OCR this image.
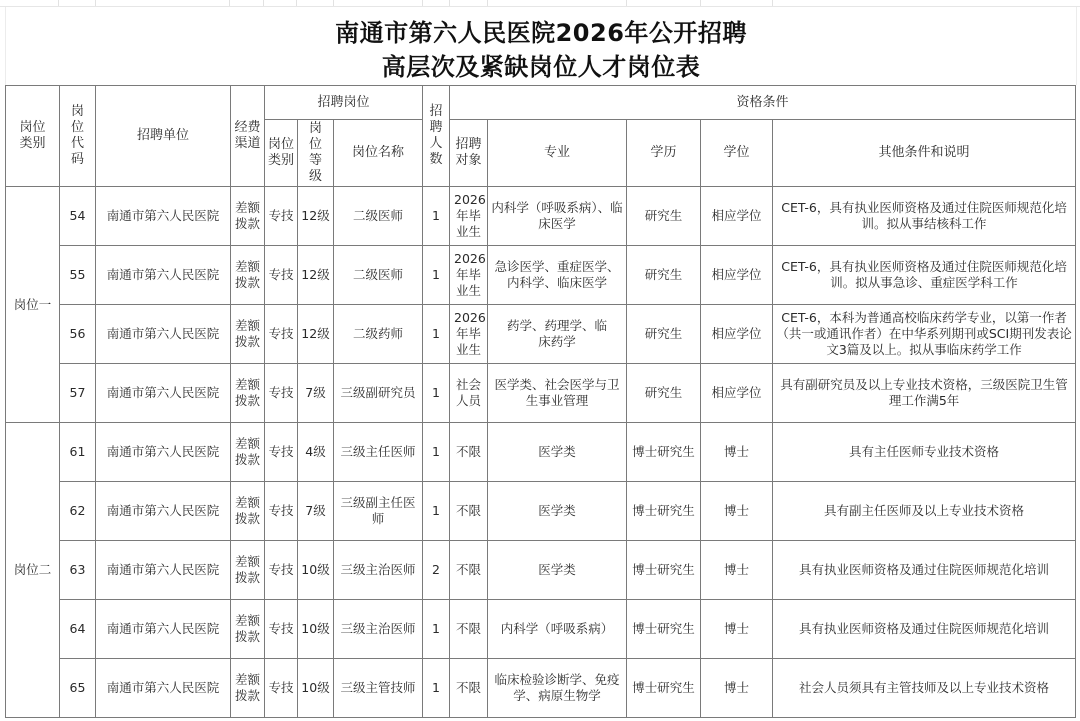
南通市第六人民医院2026年公开招聘
高层次及紧缺岗位人才岗位表
岗位类别	岗位代码	招聘单位	经费渠道	招聘岗位			招聘人数	资格条件				
				岗位类别	岗位等级	岗位名称		招聘对象	专业	学历	学位	其他条件和说明
岗位一	54	南通市第六人民医院	差额拨款	专技	12级	二级医师	1	2026年毕业生	内科学（呼吸系病）、临床医学	研究生	相应学位	CET-6，具有执业医师资格及通过住院医师规范化培训。拟从事结核科工作
	55	南通市第六人民医院	差额拨款	专技	12级	二级医师	1	2026年毕业生	急诊医学、重症医学、内科学、临床医学	研究生	相应学位	CET-6，具有执业医师资格及通过住院医师规范化培训。拟从事急诊、重症医学科工作
	56	南通市第六人民医院	差额拨款	专技	12级	二级药师	1	2026年毕业生	药学、药理学、临床药学	研究生	相应学位	CET-6，本科为普通高校临床药学专业，以第一作者（共一或通讯作者）在中华系列期刊或SCI期刊发表论文3篇及以上。拟从事临床药学工作
	57	南通市第六人民医院	差额拨款	专技	7级	三级副研究员	1	社会人员	医学类、社会医学与卫生事业管理	研究生	相应学位	具有副研究员及以上专业技术资格，三级医院卫生管理工作满5年
岗位二	61	南通市第六人民医院	差额拨款	专技	4级	三级主任医师	1	不限	医学类	博士研究生	博士	具有主任医师专业技术资格
	62	南通市第六人民医院	差额拨款	专技	7级	三级副主任医师	1	不限	医学类	博士研究生	博士	具有副主任医师及以上专业技术资格
	63	南通市第六人民医院	差额拨款	专技	10级	三级主治医师	2	不限	医学类	博士研究生	博士	具有执业医师资格及通过住院医师规范化培训
	64	南通市第六人民医院	差额拨款	专技	10级	三级主治医师	1	不限	内科学（呼吸系病）	博士研究生	博士	具有执业医师资格及通过住院医师规范化培训
	65	南通市第六人民医院	差额拨款	专技	10级	三级主管技师	1	不限	临床检验诊断学、免疫学、病原生物学	博士研究生	博士	社会人员须具有主管技师及以上专业技术资格
